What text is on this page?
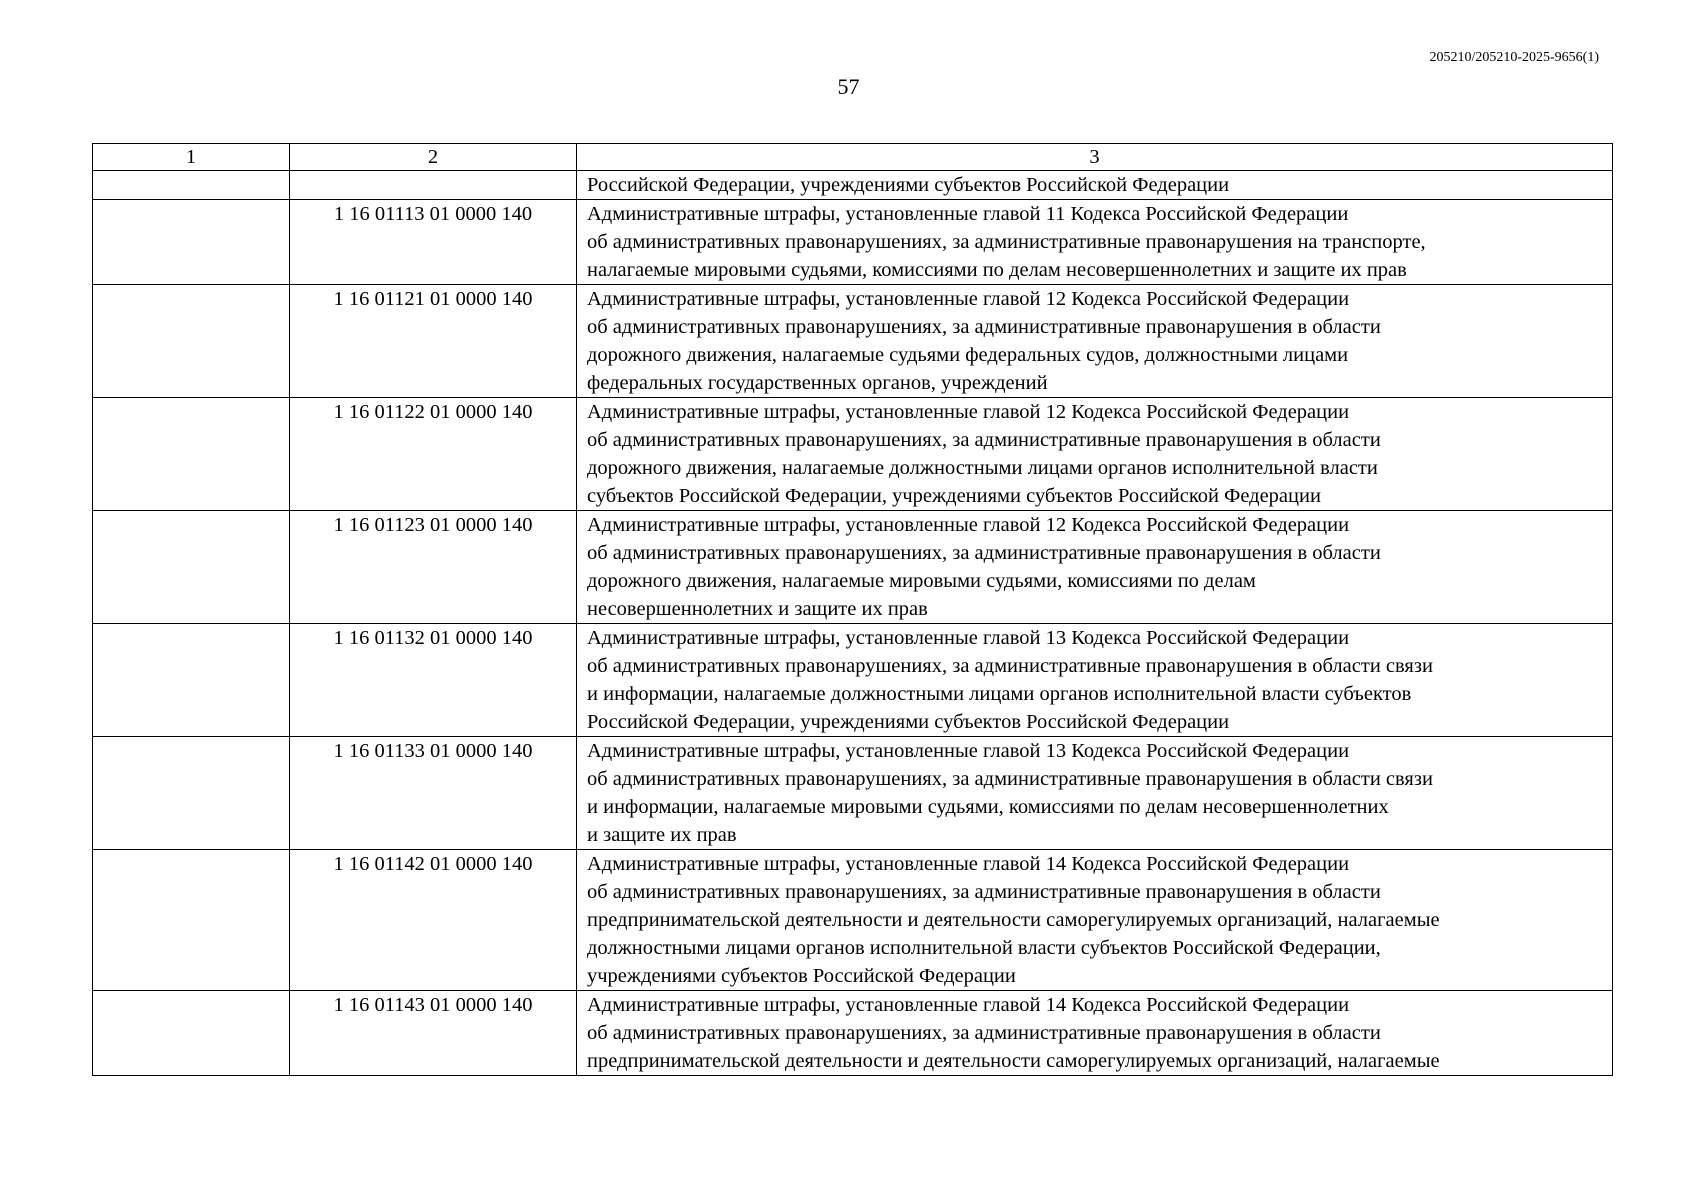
205210/205210-2025-9656(1)
57
1	2	3

		Российской Федерации, учреждениями субъектов Российской Федерации

	1 16 01113 01 0000 140	Административные штрафы, установленные главой 11 Кодекса Российской Федерации
об административных правонарушениях, за административные правонарушения на транспорте,
налагаемые мировыми судьями, комиссиями по делам несовершеннолетних и защите их прав

	1 16 01121 01 0000 140	Административные штрафы, установленные главой 12 Кодекса Российской Федерации
об административных правонарушениях, за административные правонарушения в области
дорожного движения, налагаемые судьями федеральных судов, должностными лицами
федеральных государственных органов, учреждений

	1 16 01122 01 0000 140	Административные штрафы, установленные главой 12 Кодекса Российской Федерации
об административных правонарушениях, за административные правонарушения в области
дорожного движения, налагаемые должностными лицами органов исполнительной власти
субъектов Российской Федерации, учреждениями субъектов Российской Федерации

	1 16 01123 01 0000 140	Административные штрафы, установленные главой 12 Кодекса Российской Федерации
об административных правонарушениях, за административные правонарушения в области
дорожного движения, налагаемые мировыми судьями, комиссиями по делам
несовершеннолетних и защите их прав

	1 16 01132 01 0000 140	Административные штрафы, установленные главой 13 Кодекса Российской Федерации
об административных правонарушениях, за административные правонарушения в области связи
и информации, налагаемые должностными лицами органов исполнительной власти субъектов
Российской Федерации, учреждениями субъектов Российской Федерации

	1 16 01133 01 0000 140	Административные штрафы, установленные главой 13 Кодекса Российской Федерации
об административных правонарушениях, за административные правонарушения в области связи
и информации, налагаемые мировыми судьями, комиссиями по делам несовершеннолетних
и защите их прав

	1 16 01142 01 0000 140	Административные штрафы, установленные главой 14 Кодекса Российской Федерации
об административных правонарушениях, за административные правонарушения в области
предпринимательской деятельности и деятельности саморегулируемых организаций, налагаемые
должностными лицами органов исполнительной власти субъектов Российской Федерации,
учреждениями субъектов Российской Федерации

	1 16 01143 01 0000 140	Административные штрафы, установленные главой 14 Кодекса Российской Федерации
об административных правонарушениях, за административные правонарушения в области
предпринимательской деятельности и деятельности саморегулируемых организаций, налагаемые
